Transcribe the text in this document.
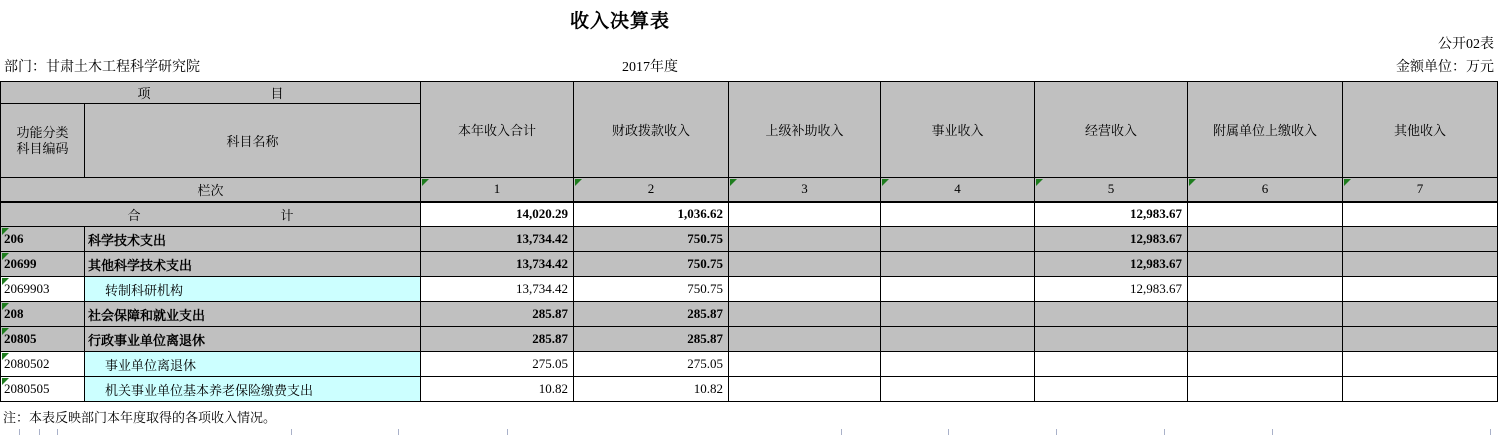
收入决算表
公开02表
部门：甘肃土木工程科学研究院	2017年度	金额单位：万元
项 目		本年收入合计	财政拨款收入	上级补助收入	事业收入	经营收入	附属单位上缴收入	其他收入

功能分类
科目编码	科目名称							
栏次		1	2	3	4	5	6	7
合 计		14,020.29	1,036.62			12,983.67		

206	科学技术支出	13,734.42	750.75			12,983.67		

20699	其他科学技术支出	13,734.42	750.75			12,983.67		

2069903	转制科研机构	13,734.42	750.75			12,983.67		

208	社会保障和就业支出	285.87	285.87					

20805	行政事业单位离退休	285.87	285.87					

2080502	事业单位离退休	275.05	275.05					

2080505	机关事业单位基本养老保险缴费支出	10.82	10.82					
注：本表反映部门本年度取得的各项收入情况。
